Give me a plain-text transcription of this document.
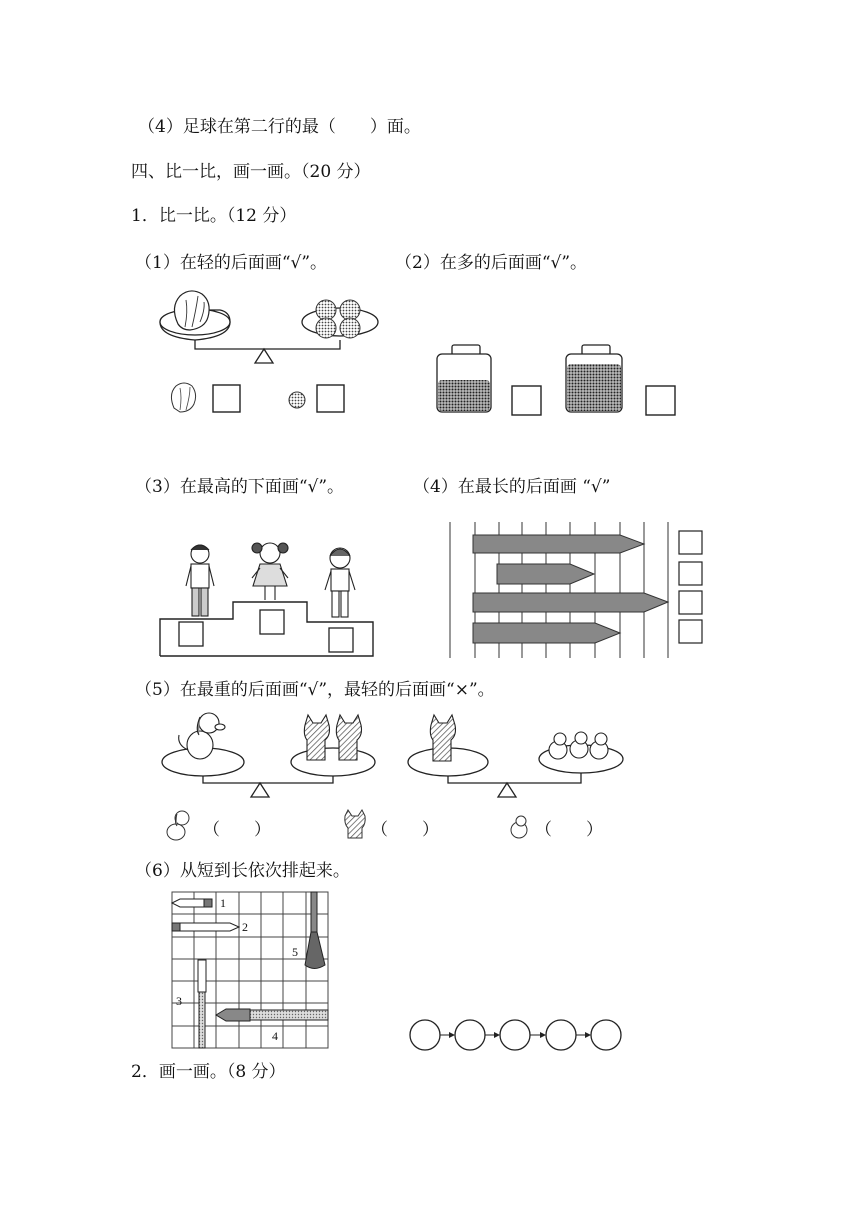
（4）足球在第二行的最（　　）面。
四、比一比，画一画。（20 分）
1．比一比。（12 分）
（1）在轻的后面画“√”。	（2）在多的后面画“√”。
（3）在最高的下面画“√”。	（4）在最长的后面画 “√”
（5）在最重的后面画“√”，最轻的后面画“×”。
（6）从短到长依次排起来。
2．画一画。（8 分）
（　　）	（　　）	（　　）
1
2
3
4
5
